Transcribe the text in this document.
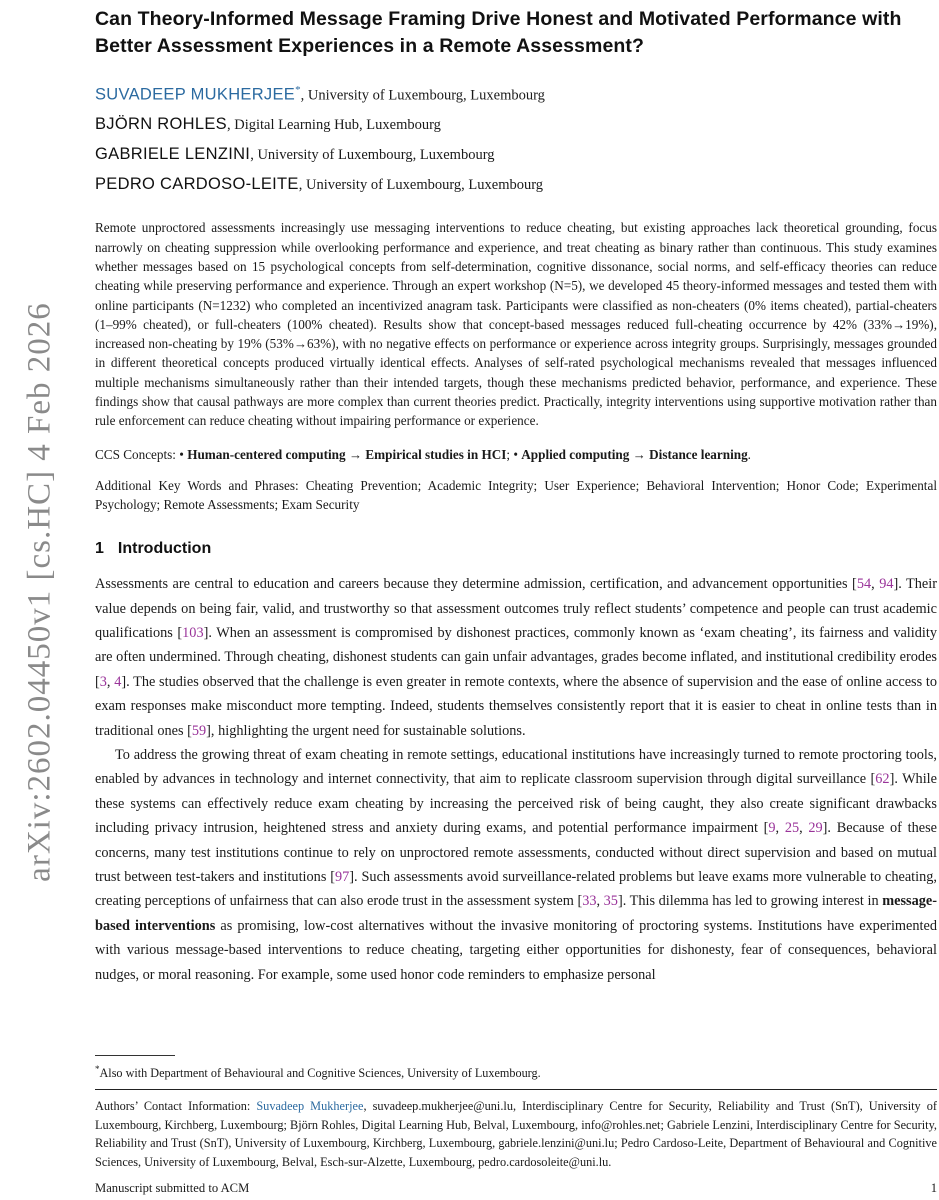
arXiv:2602.04450v1 [cs.HC] 4 Feb 2026
Can Theory-Informed Message Framing Drive Honest and Motivated Performance with Better Assessment Experiences in a Remote Assessment?
SUVADEEP MUKHERJEE*, University of Luxembourg, Luxembourg
BJÖRN ROHLES, Digital Learning Hub, Luxembourg
GABRIELE LENZINI, University of Luxembourg, Luxembourg
PEDRO CARDOSO-LEITE, University of Luxembourg, Luxembourg
Remote unproctored assessments increasingly use messaging interventions to reduce cheating, but existing approaches lack theoretical grounding, focus narrowly on cheating suppression while overlooking performance and experience, and treat cheating as binary rather than continuous. This study examines whether messages based on 15 psychological concepts from self-determination, cognitive dissonance, social norms, and self-efficacy theories can reduce cheating while preserving performance and experience. Through an expert workshop (N=5), we developed 45 theory-informed messages and tested them with online participants (N=1232) who completed an incentivized anagram task. Participants were classified as non-cheaters (0% items cheated), partial-cheaters (1–99% cheated), or full-cheaters (100% cheated). Results show that concept-based messages reduced full-cheating occurrence by 42% (33%→19%), increased non-cheating by 19% (53%→63%), with no negative effects on performance or experience across integrity groups. Surprisingly, messages grounded in different theoretical concepts produced virtually identical effects. Analyses of self-rated psychological mechanisms revealed that messages influenced multiple mechanisms simultaneously rather than their intended targets, though these mechanisms predicted behavior, performance, and experience. These findings show that causal pathways are more complex than current theories predict. Practically, integrity interventions using supportive motivation rather than rule enforcement can reduce cheating without impairing performance or experience.
CCS Concepts: • Human-centered computing → Empirical studies in HCI; • Applied computing → Distance learning.
Additional Key Words and Phrases: Cheating Prevention; Academic Integrity; User Experience; Behavioral Intervention; Honor Code; Experimental Psychology; Remote Assessments; Exam Security
1 Introduction

Assessments are central to education and careers because they determine admission, certification, and advancement opportunities [54, 94]. Their value depends on being fair, valid, and trustworthy so that assessment outcomes truly reflect students’ competence and people can trust academic qualifications [103]. When an assessment is compromised by dishonest practices, commonly known as ‘exam cheating’, its fairness and validity are often undermined. Through cheating, dishonest students can gain unfair advantages, grades become inflated, and institutional credibility erodes [3, 4]. The studies observed that the challenge is even greater in remote contexts, where the absence of supervision and the ease of online access to exam responses make misconduct more tempting. Indeed, students themselves consistently report that it is easier to cheat in online tests than in traditional ones [59], highlighting the urgent need for sustainable solutions.

To address the growing threat of exam cheating in remote settings, educational institutions have increasingly turned to remote proctoring tools, enabled by advances in technology and internet connectivity, that aim to replicate classroom supervision through digital surveillance [62]. While these systems can effectively reduce exam cheating by increasing the perceived risk of being caught, they also create significant drawbacks including privacy intrusion, heightened stress and anxiety during exams, and potential performance impairment [9, 25, 29]. Because of these concerns, many test institutions continue to rely on unproctored remote assessments, conducted without direct supervision and based on mutual trust between test-takers and institutions [97]. Such assessments avoid surveillance-related problems but leave exams more vulnerable to cheating, creating perceptions of unfairness that can also erode trust in the assessment system [33, 35]. This dilemma has led to growing interest in message-based interventions as promising, low-cost alternatives without the invasive monitoring of proctoring systems. Institutions have experimented with various message-based interventions to reduce cheating, targeting either opportunities for dishonesty, fear of consequences, behavioral nudges, or moral reasoning. For example, some used honor code reminders to emphasize personal

*Also with Department of Behavioural and Cognitive Sciences, University of Luxembourg.
Authors’ Contact Information: Suvadeep Mukherjee, suvadeep.mukherjee@uni.lu, Interdisciplinary Centre for Security, Reliability and Trust (SnT), University of Luxembourg, Kirchberg, Luxembourg; Björn Rohles, Digital Learning Hub, Belval, Luxembourg, info@rohles.net; Gabriele Lenzini, Interdisciplinary Centre for Security, Reliability and Trust (SnT), University of Luxembourg, Kirchberg, Luxembourg, gabriele.lenzini@uni.lu; Pedro Cardoso-Leite, Department of Behavioural and Cognitive Sciences, University of Luxembourg, Belval, Esch-sur-Alzette, Luxembourg, pedro.cardosoleite@uni.lu.
Manuscript submitted to ACM	1
